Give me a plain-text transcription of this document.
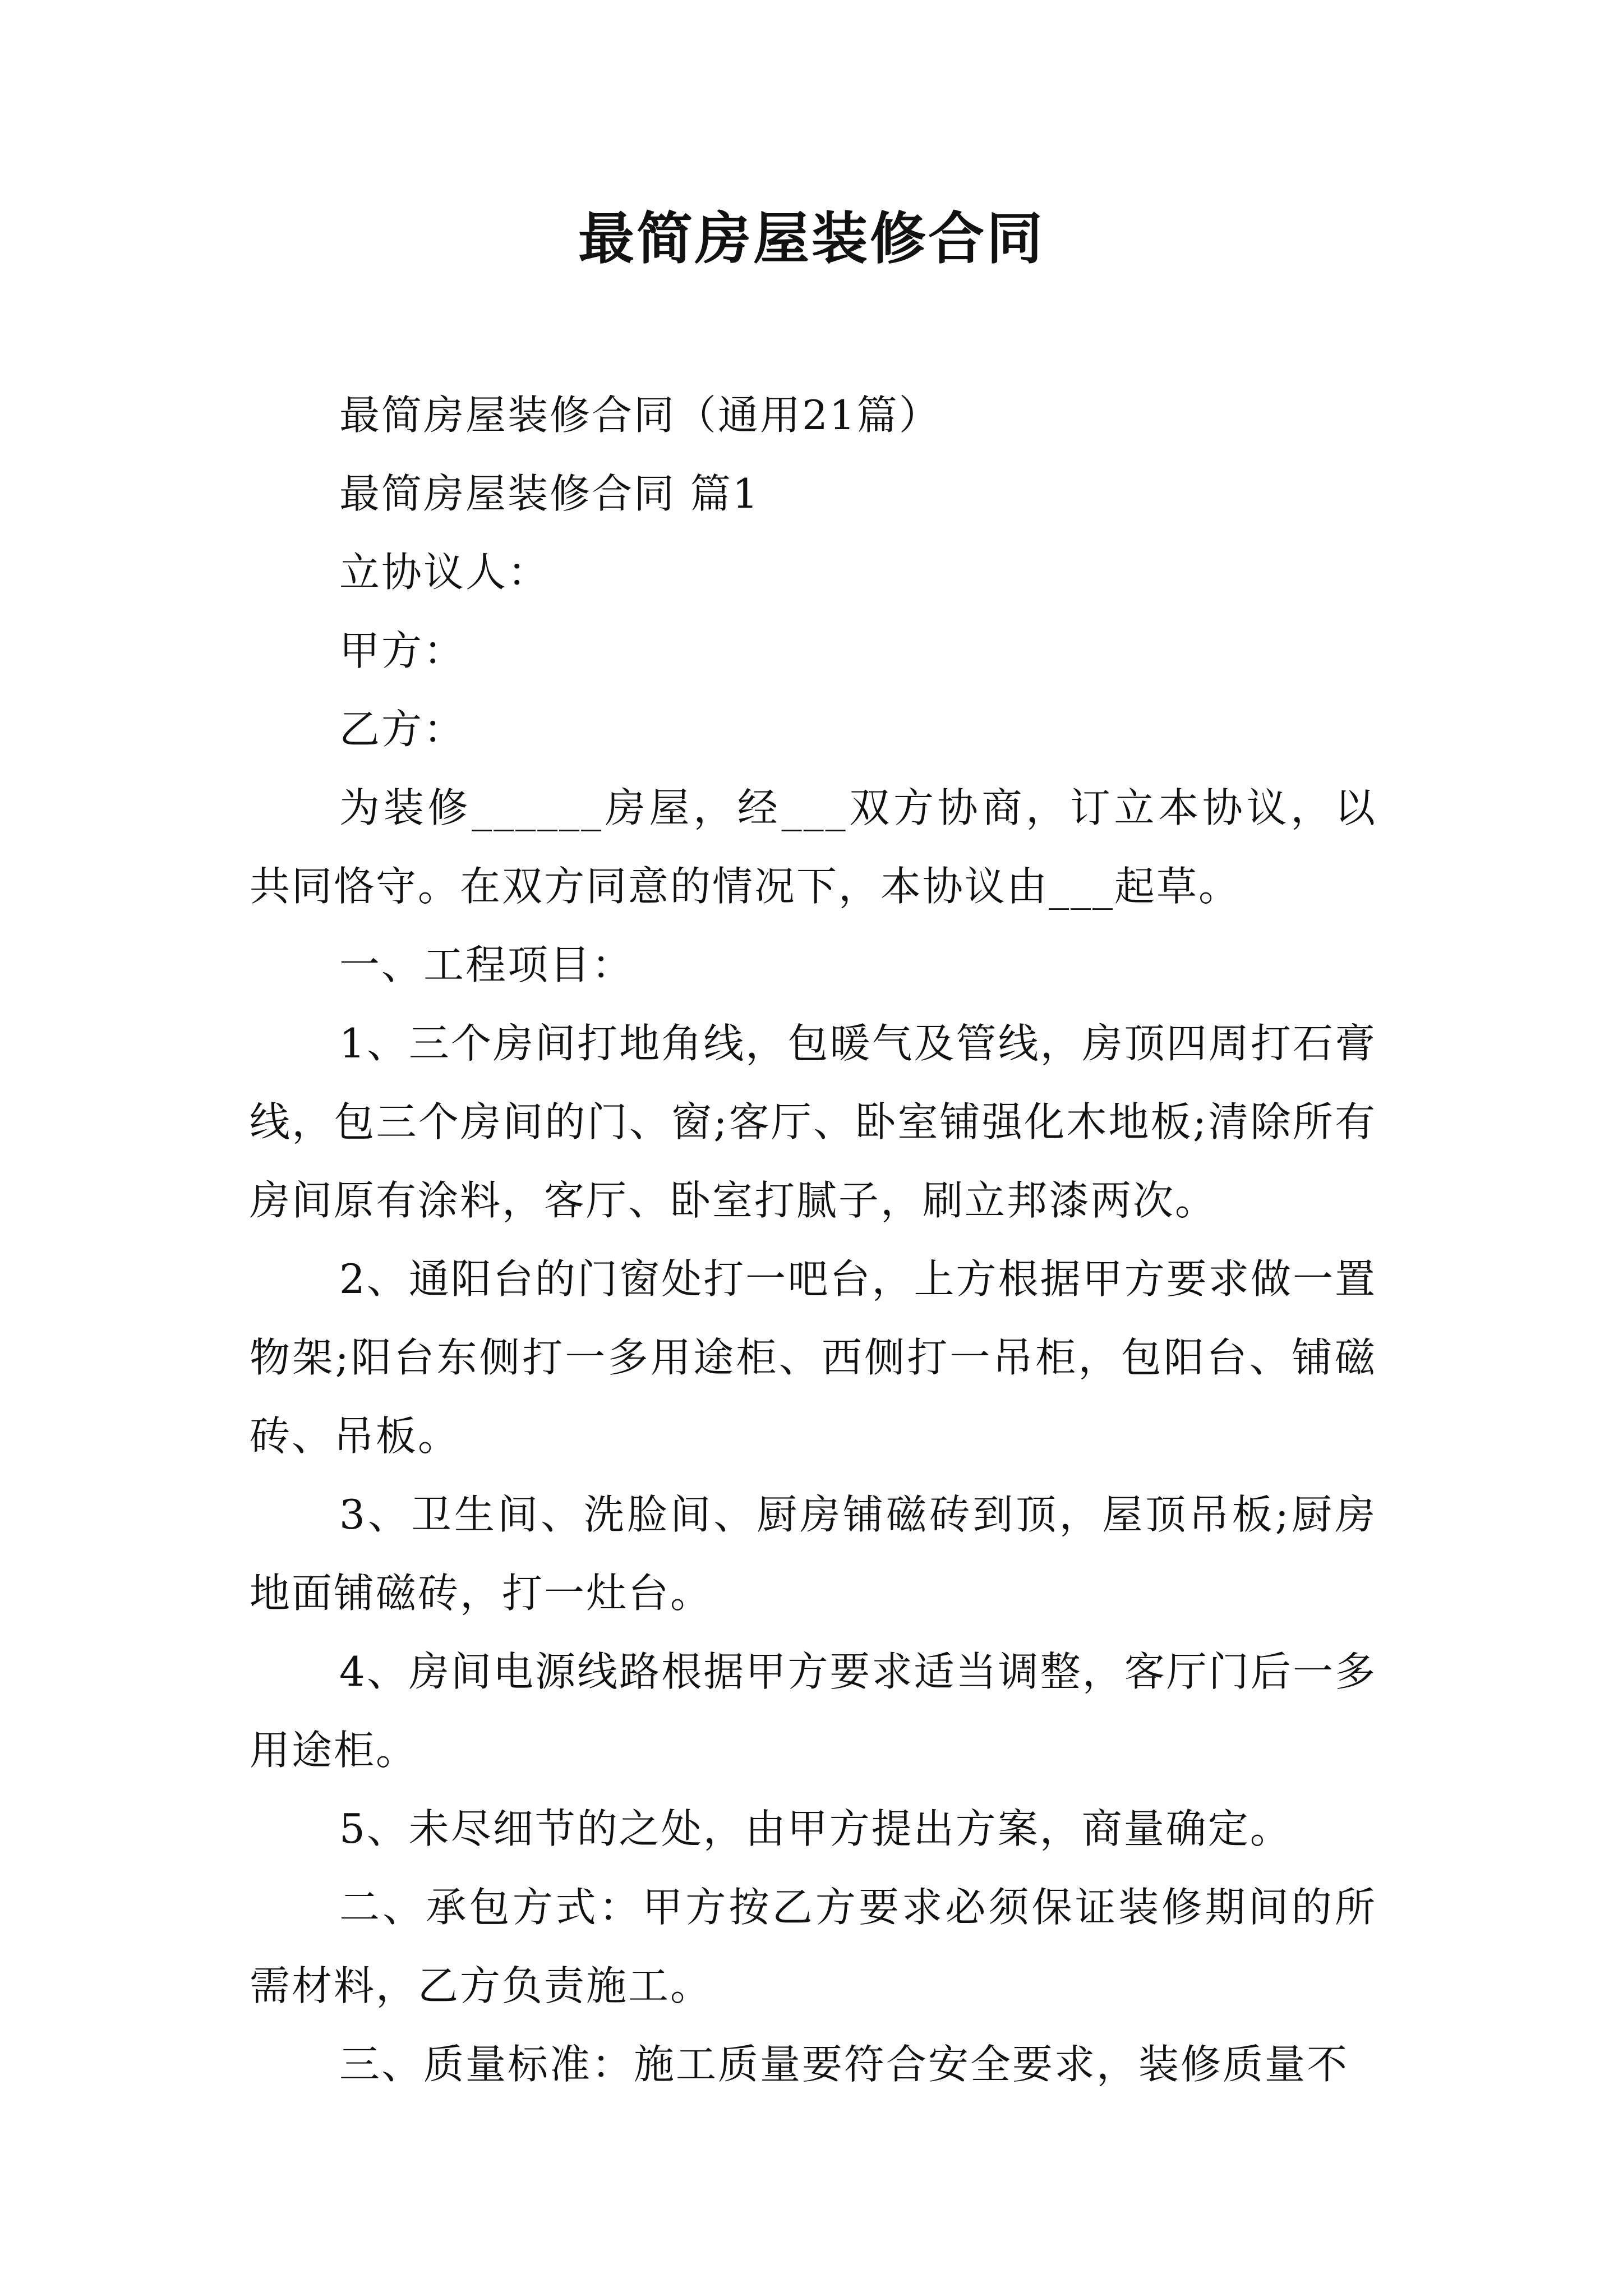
最简房屋装修合同

最简房屋装修合同（通用21篇）

最简房屋装修合同 篇1

立协议人：

甲方：

乙方：

为装修______房屋，经___双方协商，订立本协议，以共同恪守。在双方同意的情况下，本协议由___起草。

一、工程项目：

1、三个房间打地角线，包暖气及管线，房顶四周打石膏线，包三个房间的门、窗;客厅、卧室铺强化木地板;清除所有房间原有涂料，客厅、卧室打腻子，刷立邦漆两次。

2、通阳台的门窗处打一吧台，上方根据甲方要求做一置物架;阳台东侧打一多用途柜、西侧打一吊柜，包阳台、铺磁砖、吊板。

3、卫生间、洗脸间、厨房铺磁砖到顶，屋顶吊板;厨房地面铺磁砖，打一灶台。

4、房间电源线路根据甲方要求适当调整，客厅门后一多用途柜。

5、未尽细节的之处，由甲方提出方案，商量确定。

二、承包方式：甲方按乙方要求必须保证装修期间的所需材料，乙方负责施工。

三、质量标准：施工质量要符合安全要求，装修质量不
